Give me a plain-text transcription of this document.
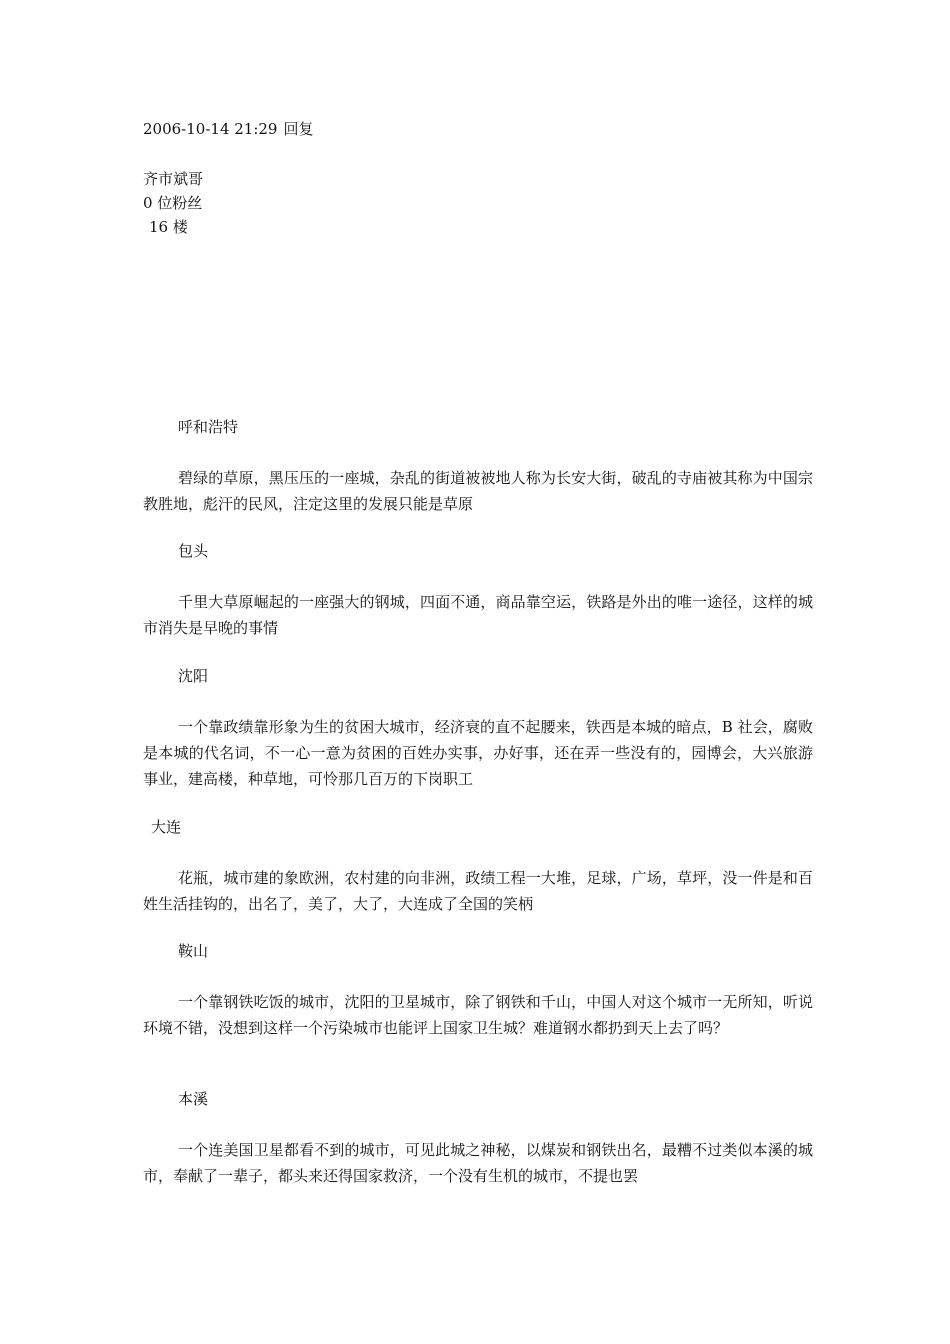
2006-10-14 21:29 回复
齐市斌哥
0 位粉丝
16 楼
呼和浩特

碧绿的草原，黑压压的一座城，杂乱的街道被被地人称为长安大街，破乱的寺庙被其称为中国宗教胜地，彪汗的民风，注定这里的发展只能是草原

包头

千里大草原崛起的一座强大的钢城，四面不通，商品靠空运，铁路是外出的唯一途径，这样的城市消失是早晚的事情

沈阳

一个靠政绩靠形象为生的贫困大城市，经济衰的直不起腰来，铁西是本城的暗点，B 社会，腐败是本城的代名词，不一心一意为贫困的百姓办实事，办好事，还在弄一些没有的，园博会，大兴旅游事业，建高楼，种草地，可怜那几百万的下岗职工

大连

花瓶，城市建的象欧洲，农村建的向非洲，政绩工程一大堆，足球，广场，草坪，没一件是和百姓生活挂钩的，出名了，美了，大了，大连成了全国的笑柄

鞍山

一个靠钢铁吃饭的城市，沈阳的卫星城市，除了钢铁和千山，中国人对这个城市一无所知，听说环境不错，没想到这样一个污染城市也能评上国家卫生城？难道钢水都扔到天上去了吗？

本溪

一个连美国卫星都看不到的城市，可见此城之神秘，以煤炭和钢铁出名，最糟不过类似本溪的城市，奉献了一辈子，都头来还得国家救济，一个没有生机的城市，不提也罢
